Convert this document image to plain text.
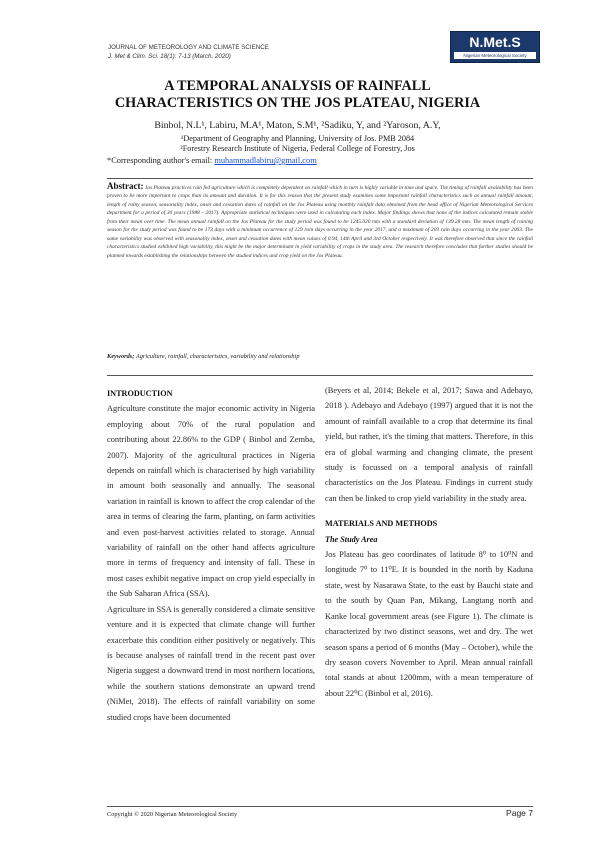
JOURNAL OF METEOROLOGY AND CLIMATE SCIENCE
J. Met & Clim. Sci. 18(1): 7-13 (March, 2020)
N.Met.S
Nigerian Meteorological Society
A TEMPORAL ANALYSIS OF RAINFALL
CHARACTERISTICS ON THE JOS PLATEAU, NIGERIA
Binbol, N.L¹, Labiru, M.A¹, Maton, S.M¹, ²Sadiku, Y, and ²Yaroson, A.Y,
¹Department of Geography and Planning, University of Jos. PMB 2084
²Forestry Research Institute of Nigeria, Federal College of Forestry, Jos
*Corresponding author's email: muhammadlabiru@gmail.com
Abstract: Jos Plateau practices rain fed agriculture which is completely dependent on rainfall which in turn is highly variable in time and space. The timing of rainfall availability has been proven to be more important to crops than its amount and duration. It is for this reason that the present study examines some important rainfall characteristics such as annual rainfall amount, length of rainy season, seasonality index, onset and cessation dates of rainfall on the Jos Plateau using monthly rainfall data obtained from the head office of Nigerian Meteorological Services department for a period of 30 years (1988 – 2017). Appropriate statistical techniques were used in calculating each index. Major findings shows that none of the indices calculated remain stable from their mean over time. The mean annual rainfall on the Jos Plateau for the study period was found to be 1245.020 mm with a standard deviation of 139.28 mm. The mean length of raining season for the study period was found to be 173 days with a minimum occurrence of 129 rain days occurring in the year 2017, and a maximum of 203 rain days occurring in the year 2003. The same variability was observed with seasonality index, onset and cessation dates with mean values of 0.94, 14th April and 3rd October respectively. It was therefore observed that since the rainfall characteristics studied exhibited high variability, this might be the major determinant in yield variability of crops in the study area. The research therefore concludes that further studies should be planned towards establishing the relationships between the studied indices and crop yield on the Jos Plateau.
Keywords; Agriculture, rainfall, characteristics, variability and relationship
INTRODUCTION

Agriculture constitute the major economic activity in Nigeria employing about 70% of the rural population and contributing about 22.86% to the GDP ( Binbol and Zemba, 2007). Majority of the agricultural practices in Nigeria depends on rainfall which is characterised by high variability in amount both seasonally and annually. The seasonal variation in rainfall is known to affect the crop calendar of the area in terms of clearing the farm, planting, on farm activities and even post-harvest activities related to storage. Annual variability of rainfall on the other hand affects agriculture more in terms of frequency and intensity of fall. These in most cases exhibit negative impact on crop yield especially in the Sub Saharan Africa (SSA).

Agriculture in SSA is generally considered a climate sensitive venture and it is expected that climate change will further exacerbate this condition either positively or negatively. This is because analyses of rainfall trend in the recent past over Nigeria suggest a downward trend in most northern locations, while the southern stations demonstrate an upward trend (NiMet, 2018). The effects of rainfall variability on some studied crops have been documented

(Beyers et al, 2014; Bekele et al, 2017; Sawa and Adebayo, 2018 ). Adebayo and Adebayo (1997) argued that it is not the amount of rainfall available to a crop that determine its final yield, but rather, it's the timing that matters. Therefore, in this era of global warming and changing climate, the present study is focussed on a temporal analysis of rainfall characteristics on the Jos Plateau. Findings in current study can then be linked to crop yield variability in the study area.

MATERIALS AND METHODS
The Study Area

Jos Plateau has geo coordinates of latitude 8⁰ to 10⁰N and longitude 7⁰ to 11⁰E. It is bounded in the north by Kaduna state, west by Nasarawa State, to the east by Bauchi state and to the south by Quan Pan, Mikang, Langtang north and Kanke local government areas (see Figure 1). The climate is characterized by two distinct seasons, wet and dry. The wet season spans a period of 6 months (May – October), while the dry season covers November to April. Mean annual rainfall total stands at about 1200mm, with a mean temperature of about 22⁰C (Binbol et al, 2016).

Copyright © 2020 Nigerian Meteorological Society	Page 7
